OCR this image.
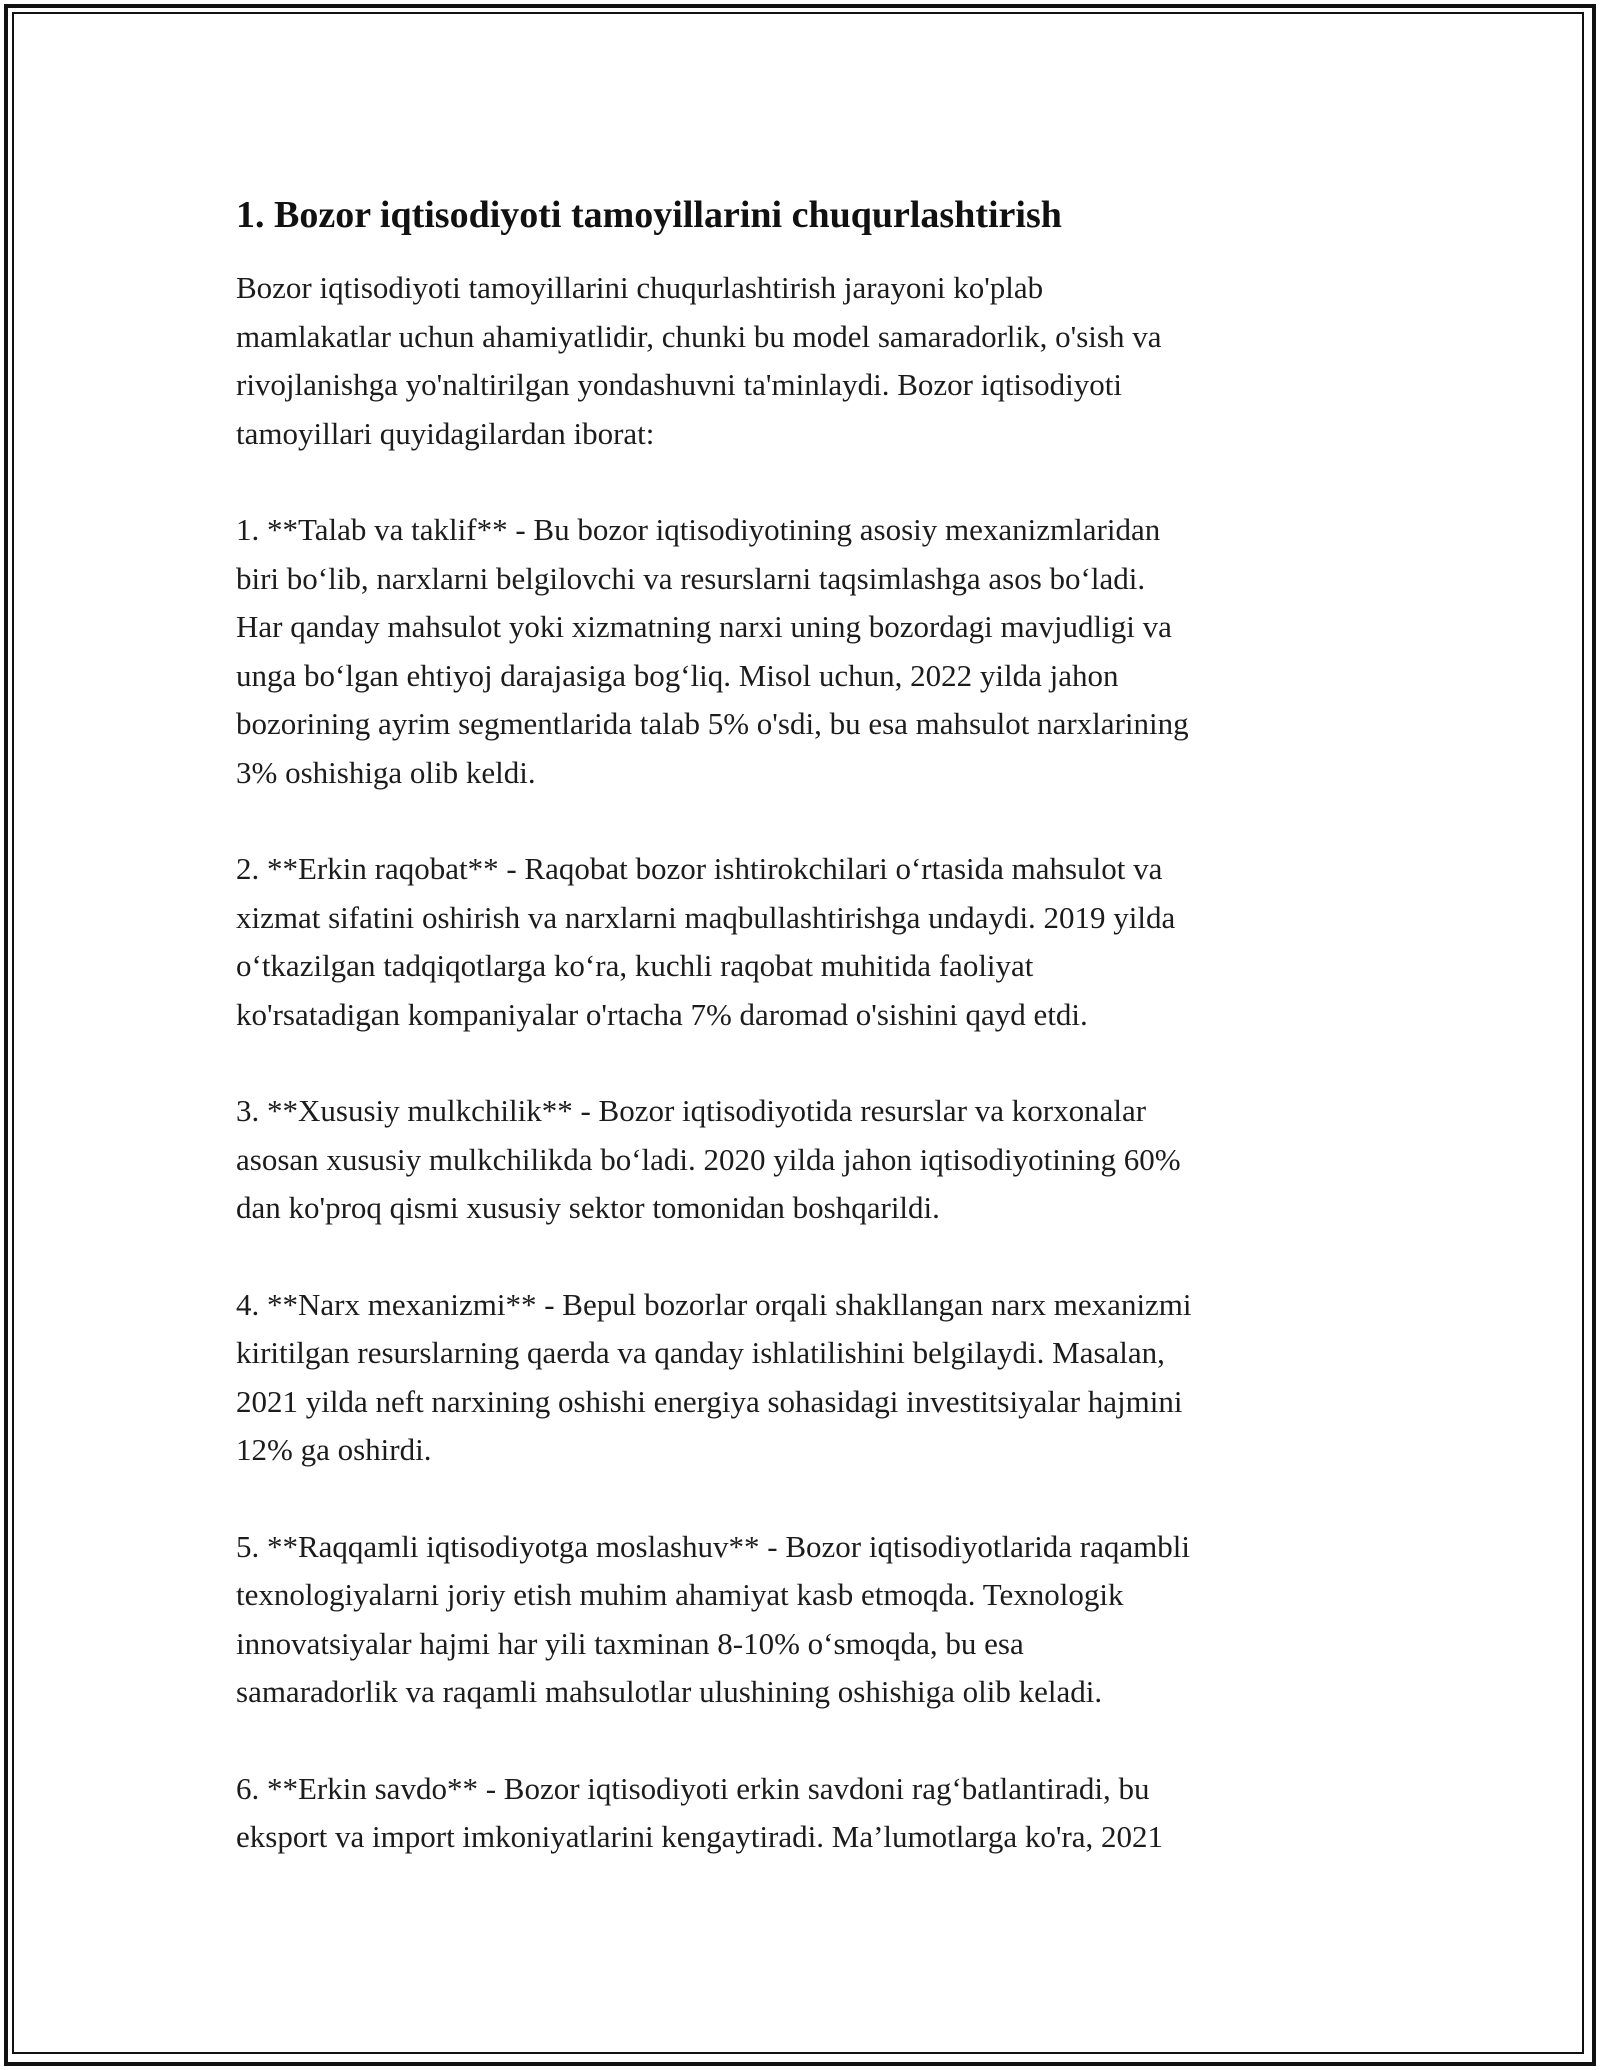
1. Bozor iqtisodiyoti tamoyillarini chuqurlashtirish

Bozor iqtisodiyoti tamoyillarini chuqurlashtirish jarayoni ko'plab
mamlakatlar uchun ahamiyatlidir, chunki bu model samaradorlik, o'sish va
rivojlanishga yo'naltirilgan yondashuvni ta'minlaydi. Bozor iqtisodiyoti
tamoyillari quyidagilardan iborat:

1. **Talab va taklif** - Bu bozor iqtisodiyotining asosiy mexanizmlaridan
biri bo‘lib, narxlarni belgilovchi va resurslarni taqsimlashga asos bo‘ladi.
Har qanday mahsulot yoki xizmatning narxi uning bozordagi mavjudligi va
unga bo‘lgan ehtiyoj darajasiga bog‘liq. Misol uchun, 2022 yilda jahon
bozorining ayrim segmentlarida talab 5% o'sdi, bu esa mahsulot narxlarining
3% oshishiga olib keldi.

2. **Erkin raqobat** - Raqobat bozor ishtirokchilari o‘rtasida mahsulot va
xizmat sifatini oshirish va narxlarni maqbullashtirishga undaydi. 2019 yilda
o‘tkazilgan tadqiqotlarga ko‘ra, kuchli raqobat muhitida faoliyat
ko'rsatadigan kompaniyalar o'rtacha 7% daromad o'sishini qayd etdi.

3. **Xususiy mulkchilik** - Bozor iqtisodiyotida resurslar va korxonalar
asosan xususiy mulkchilikda bo‘ladi. 2020 yilda jahon iqtisodiyotining 60%
dan ko'proq qismi xususiy sektor tomonidan boshqarildi.

4. **Narx mexanizmi** - Bepul bozorlar orqali shakllangan narx mexanizmi
kiritilgan resurslarning qaerda va qanday ishlatilishini belgilaydi. Masalan,
2021 yilda neft narxining oshishi energiya sohasidagi investitsiyalar hajmini
12% ga oshirdi.

5. **Raqqamli iqtisodiyotga moslashuv** - Bozor iqtisodiyotlarida raqambli
texnologiyalarni joriy etish muhim ahamiyat kasb etmoqda. Texnologik
innovatsiyalar hajmi har yili taxminan 8-10% o‘smoqda, bu esa
samaradorlik va raqamli mahsulotlar ulushining oshishiga olib keladi.

6. **Erkin savdo** - Bozor iqtisodiyoti erkin savdoni rag‘batlantiradi, bu
eksport va import imkoniyatlarini kengaytiradi. Ma’lumotlarga ko'ra, 2021
